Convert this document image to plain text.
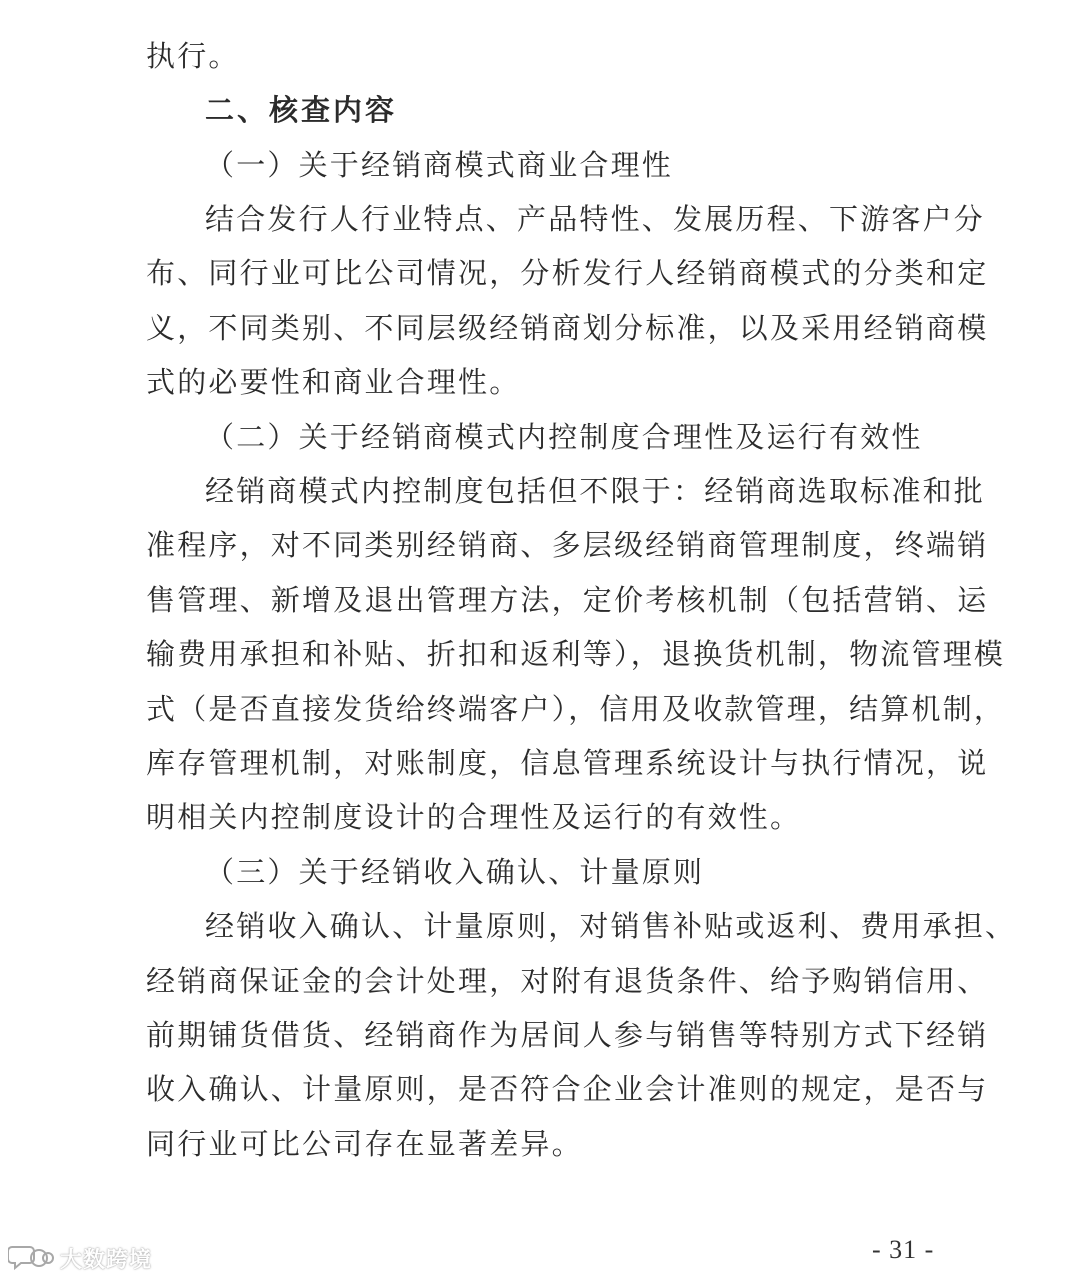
执行。
二、核查内容
（一）关于经销商模式商业合理性
结合发行人行业特点、产品特性、发展历程、下游客户分
布、同行业可比公司情况，分析发行人经销商模式的分类和定
义，不同类别、不同层级经销商划分标准，以及采用经销商模
式的必要性和商业合理性。
（二）关于经销商模式内控制度合理性及运行有效性
经销商模式内控制度包括但不限于：经销商选取标准和批
准程序，对不同类别经销商、多层级经销商管理制度，终端销
售管理、新增及退出管理方法，定价考核机制（包括营销、运
输费用承担和补贴、折扣和返利等），退换货机制，物流管理模
式（是否直接发货给终端客户），信用及收款管理，结算机制，
库存管理机制，对账制度，信息管理系统设计与执行情况，说
明相关内控制度设计的合理性及运行的有效性。
（三）关于经销收入确认、计量原则
经销收入确认、计量原则，对销售补贴或返利、费用承担、
经销商保证金的会计处理，对附有退货条件、给予购销信用、
前期铺货借货、经销商作为居间人参与销售等特别方式下经销
收入确认、计量原则，是否符合企业会计准则的规定，是否与
同行业可比公司存在显著差异。
- 31 -
大数跨境
